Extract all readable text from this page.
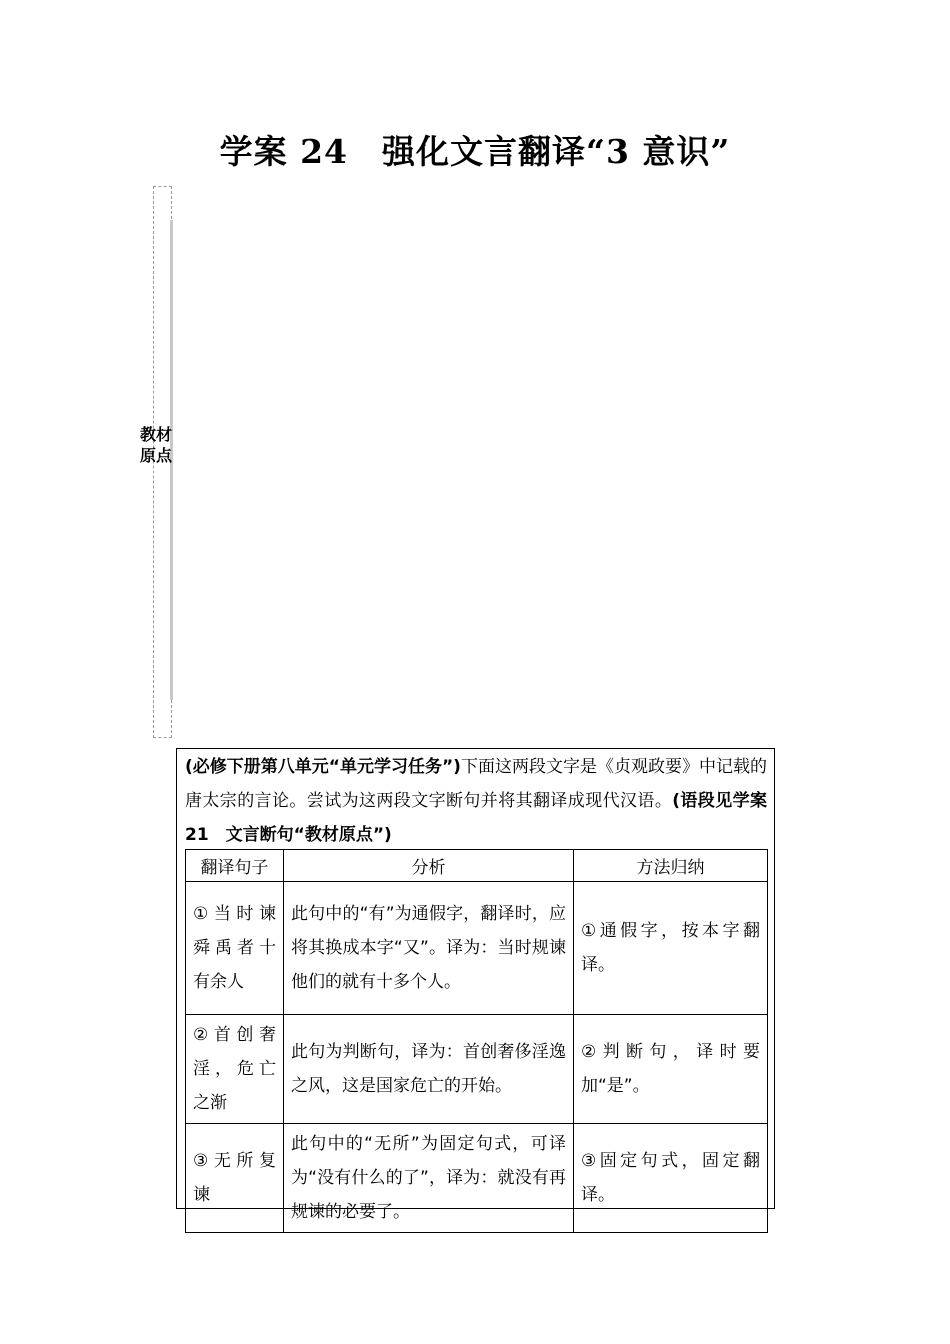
学案 24　强化文言翻译“3 意识”
教材原点
(必修下册第八单元“单元学习任务”)下面这两段文字是《贞观政要》中记载的唐太宗的言论。尝试为这两段文字断句并将其翻译成现代汉语。(语段见学案 21　文言断句“教材原点”)
翻译句子	分析	方法归纳
①当时谏舜禹者十有余人	此句中的“有”为通假字，翻译时，应将其换成本字“又”。译为：当时规谏他们的就有十多个人。	①通假字，按本字翻译。
②首创奢淫，危亡之渐	此句为判断句，译为：首创奢侈淫逸之风，这是国家危亡的开始。	②判断句，译时要加“是”。
③无所复谏	此句中的“无所”为固定句式，可译为“没有什么的了”，译为：就没有再规谏的必要了。	③固定句式，固定翻译。
